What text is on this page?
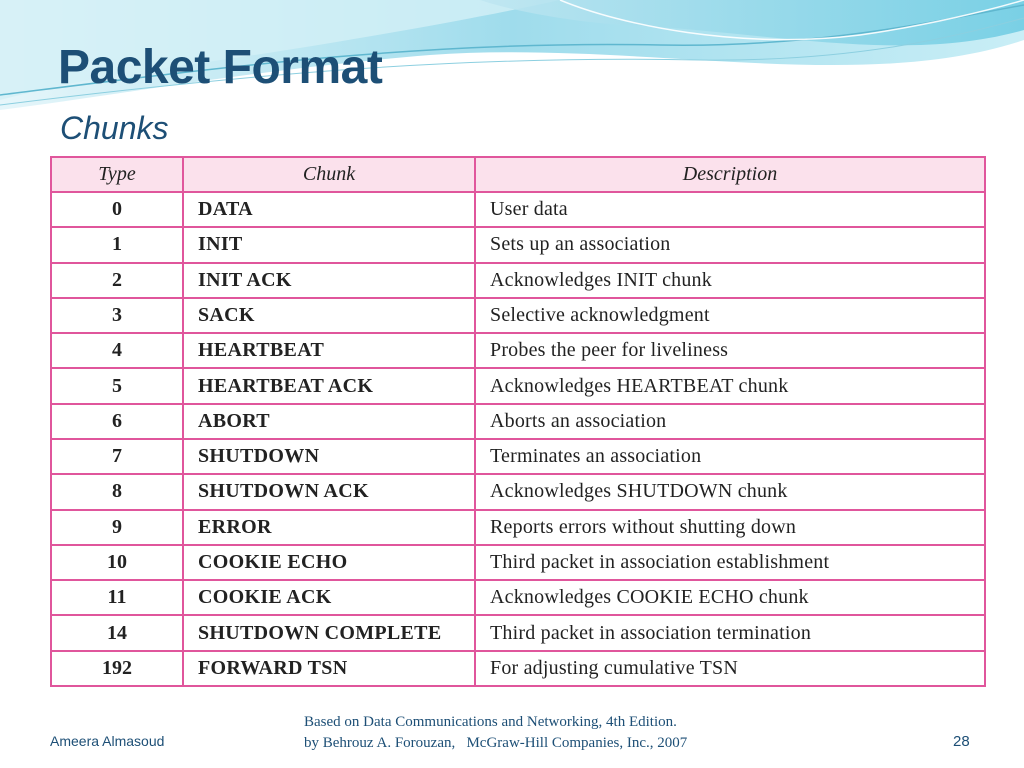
Packet Format
Chunks
Type	Chunk	Description
0	DATA	User data
1	INIT	Sets up an association
2	INIT ACK	Acknowledges INIT chunk
3	SACK	Selective acknowledgment
4	HEARTBEAT	Probes the peer for liveliness
5	HEARTBEAT ACK	Acknowledges HEARTBEAT chunk
6	ABORT	Aborts an association
7	SHUTDOWN	Terminates an association
8	SHUTDOWN ACK	Acknowledges SHUTDOWN chunk
9	ERROR	Reports errors without shutting down
10	COOKIE ECHO	Third packet in association establishment
11	COOKIE ACK	Acknowledges COOKIE ECHO chunk
14	SHUTDOWN COMPLETE	Third packet in association termination
192	FORWARD TSN	For adjusting cumulative TSN
Ameera Almasoud
Based on Data Communications and Networking, 4th Edition.
by Behrouz A. Forouzan,   McGraw-Hill Companies, Inc., 2007	28
